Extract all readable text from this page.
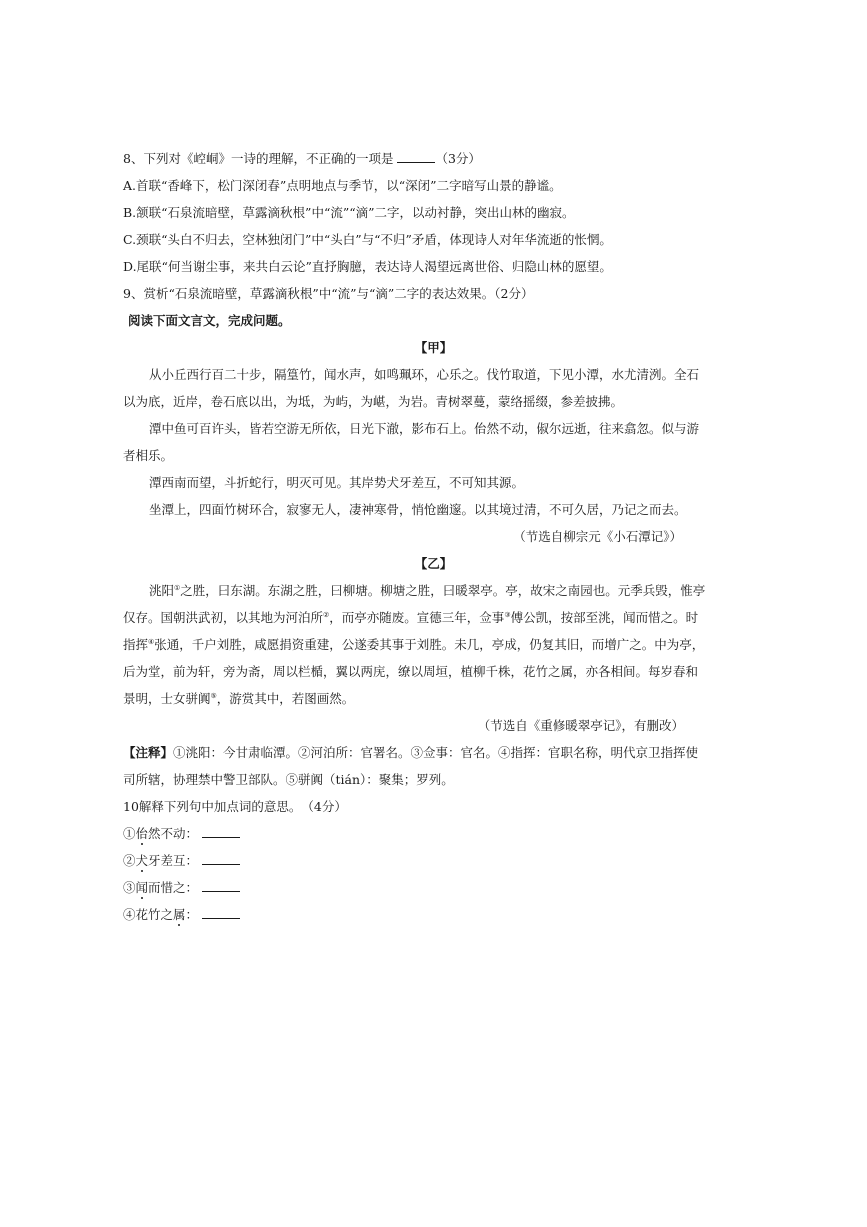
8、下列对《崆峒》一诗的理解，不正确的一项是	（3分）
A.首联“香峰下，松门深闭春”点明地点与季节，以“深闭”二字暗写山景的静谧。
B.颔联“石泉流暗壁，草露滴秋根”中“流”“滴”二字，以动衬静，突出山林的幽寂。
C.颈联“头白不归去，空林独闭门”中“头白”与“不归”矛盾，体现诗人对年华流逝的怅惘。
D.尾联“何当谢尘事，来共白云论”直抒胸臆，表达诗人渴望远离世俗、归隐山林的愿望。
9、赏析“石泉流暗壁，草露滴秋根”中“流”与“滴”二字的表达效果。（2分）
阅读下面文言文，完成问题。
【甲】
从小丘西行百二十步，隔篁竹，闻水声，如鸣珮环，心乐之。伐竹取道，下见小潭，水尤清洌。全石
以为底，近岸，卷石底以出，为坻，为屿，为嵁，为岩。青树翠蔓，蒙络摇缀，参差披拂。
潭中鱼可百许头，皆若空游无所依，日光下澈，影布石上。佁然不动，俶尔远逝，往来翕忽。似与游
者相乐。
潭西南而望，斗折蛇行，明灭可见。其岸势犬牙差互，不可知其源。
坐潭上，四面竹树环合，寂寥无人，凄神寒骨，悄怆幽邃。以其境过清，不可久居，乃记之而去。
（节选自柳宗元《小石潭记》）
【乙】
洮阳①之胜，曰东湖。东湖之胜，曰柳塘。柳塘之胜，曰暖翠亭。亭，故宋之南园也。元季兵毁，惟亭
仅存。国朝洪武初，以其地为河泊所②，而亭亦随废。宣德三年，佥事③傅公凯，按部至洮，闻而惜之。时
指挥④张通，千户刘胜，咸愿捐资重建，公遂委其事于刘胜。未几，亭成，仍复其旧，而增广之。中为亭，
后为堂，前为轩，旁为斋，周以栏楯，翼以两庑，缭以周垣，植柳千株，花竹之属，亦各相间。每岁春和
景明，士女骈阗⑤，游赏其中，若图画然。
（节选自《重修暖翠亭记》，有删改）
【注释】①洮阳：今甘肃临潭。②河泊所：官署名。③佥事：官名。④指挥：官职名称，明代京卫指挥使
司所辖，协理禁中警卫部队。⑤骈阗（tián）：聚集；罗列。
10解释下列句中加点词的意思。　（4分）
①佁然不动：
②犬牙差互：
③闻而惜之：
④花竹之属：
